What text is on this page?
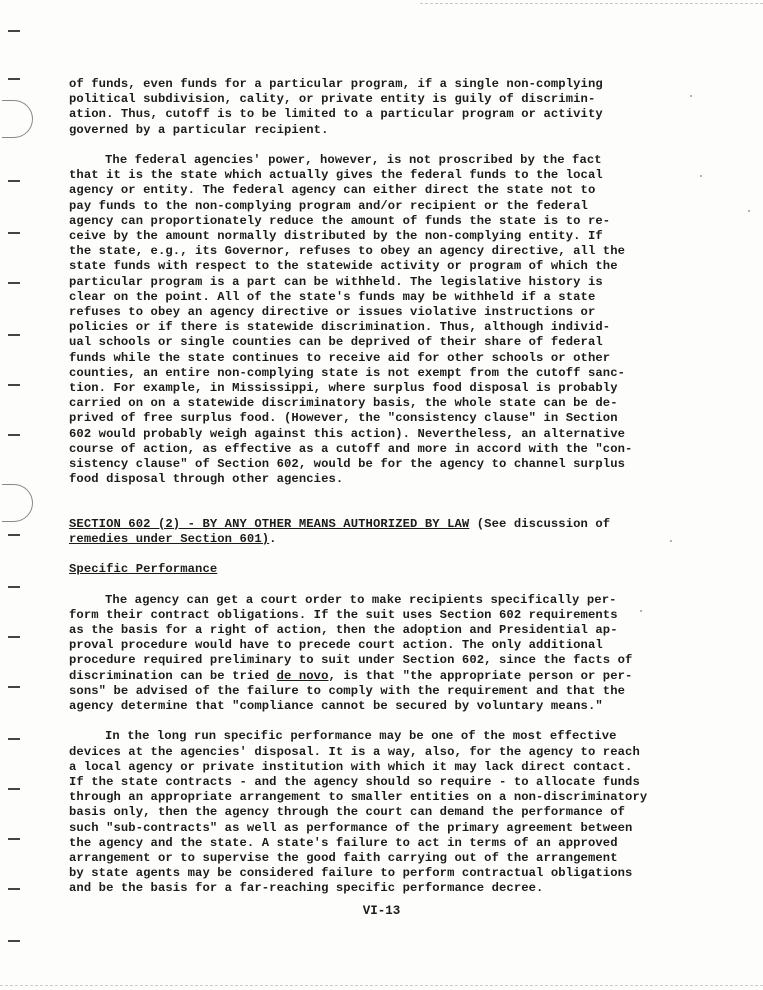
of funds, even funds for a particular program, if a single non-complying

political subdivision, cality, or private entity is guily of discrimin-

ation. Thus, cutoff is to be limited to a particular program or activity

governed by a particular recipient.

The federal agencies' power, however, is not proscribed by the fact

that it is the state which actually gives the federal funds to the local

agency or entity. The federal agency can either direct the state not to

pay funds to the non-complying program and/or recipient or the federal

agency can proportionately reduce the amount of funds the state is to re-

ceive by the amount normally distributed by the non-complying entity. If

the state, e.g., its Governor, refuses to obey an agency directive, all the

state funds with respect to the statewide activity or program of which the

particular program is a part can be withheld. The legislative history is

clear on the point. All of the state's funds may be withheld if a state

refuses to obey an agency directive or issues violative instructions or

policies or if there is statewide discrimination. Thus, although individ-

ual schools or single counties can be deprived of their share of federal

funds while the state continues to receive aid for other schools or other

counties, an entire non-complying state is not exempt from the cutoff sanc-

tion. For example, in Mississippi, where surplus food disposal is probably

carried on on a statewide discriminatory basis, the whole state can be de-

prived of free surplus food. (However, the "consistency clause" in Section

602 would probably weigh against this action). Nevertheless, an alternative

course of action, as effective as a cutoff and more in accord with the "con-

sistency clause" of Section 602, would be for the agency to channel surplus

food disposal through other agencies.

SECTION 602 (2) - BY ANY OTHER MEANS AUTHORIZED BY LAW (See discussion of

remedies under Section 601).

Specific Performance

The agency can get a court order to make recipients specifically per-

form their contract obligations. If the suit uses Section 602 requirements

as the basis for a right of action, then the adoption and Presidential ap-

proval procedure would have to precede court action. The only additional

procedure required preliminary to suit under Section 602, since the facts of

discrimination can be tried de novo, is that "the appropriate person or per-

sons" be advised of the failure to comply with the requirement and that the

agency determine that "compliance cannot be secured by voluntary means."

In the long run specific performance may be one of the most effective

devices at the agencies' disposal. It is a way, also, for the agency to reach

a local agency or private institution with which it may lack direct contact.

If the state contracts - and the agency should so require - to allocate funds

through an appropriate arrangement to smaller entities on a non-discriminatory

basis only, then the agency through the court can demand the performance of

such "sub-contracts" as well as performance of the primary agreement between

the agency and the state. A state's failure to act in terms of an approved

arrangement or to supervise the good faith carrying out of the arrangement

by state agents may be considered failure to perform contractual obligations

and be the basis for a far-reaching specific performance decree.

VI-13
